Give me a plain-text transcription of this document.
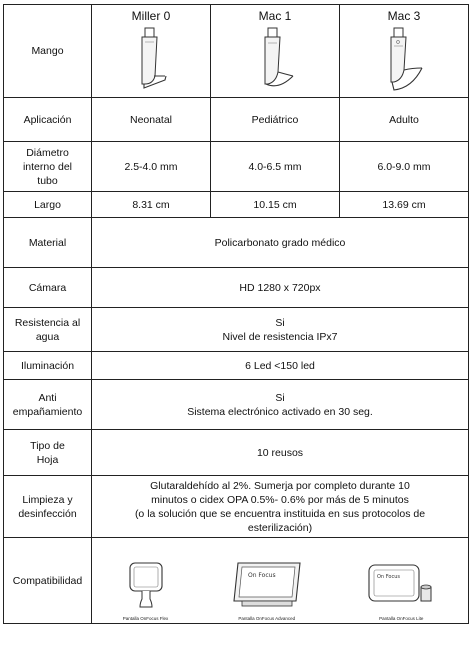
Mango	Miller 0	Mac 1	Mac 3

Aplicación	Neonatal	Pediátrico	Adulto

Diámetro
interno del
tubo	2.5-4.0 mm	4.0-6.5 mm	6.0-9.0 mm
Largo	8.31 cm	10.15 cm	13.69 cm
Material	Policarbonato grado médico		
Cámara	HD 1280 x 720px		

Resistencia al
agua	Si
Nivel de resistencia IPx7		

Iluminación	6 Led <150 led		

Anti
empañamiento	Si
Sistema electrónico activado en 30 seg.		

Tipo de
Hoja	10 reusos		

Limpieza y
desinfección	Glutaraldehído al 2%. Sumerja por completo durante 10
minutos o cidex OPA 0.5%- 0.6% por más de 5 minutos
(o la solución que se encuentra instituida en sus protocolos de
esterilización)		

Compatibilidad	Pantalla OnFocus Flex
On Focus
Pantalla OnFocus Advanced
On Focus
Pantalla OnFocus Lite		
